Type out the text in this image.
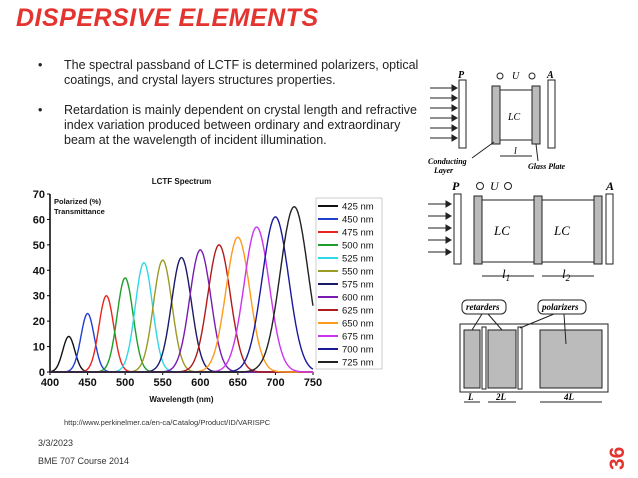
DISPERSIVE ELEMENTS
• The spectral passband of LCTF is determined polarizers, optical coatings, and crystal layers structures properties.
• Retardation is mainly dependent on crystal length and refractive index variation produced between ordinary and extraordinary beam at the wavelength of incident illumination.
0
10
20
30
40
50
60
70
400 450 500 550 600 650 700 750
LCTF Spectrum
Polarized (%)
Transmittance
Wavelength (nm)
425 nm
450 nm
475 nm
500 nm
525 nm
550 nm
575 nm
600 nm
625 nm
650 nm
675 nm
700 nm
725 nm
LC
P	A
U
l
Conducting
Layer	Glass Plate
P	A
LC	LC
U
$l_1$	$l_2$
retarders	polarizers
L	2L	4L
http://www.perkinelmer.ca/en-ca/Catalog/Product/ID/VARISPC
3/3/2023
BME 707 Course 2014	36
